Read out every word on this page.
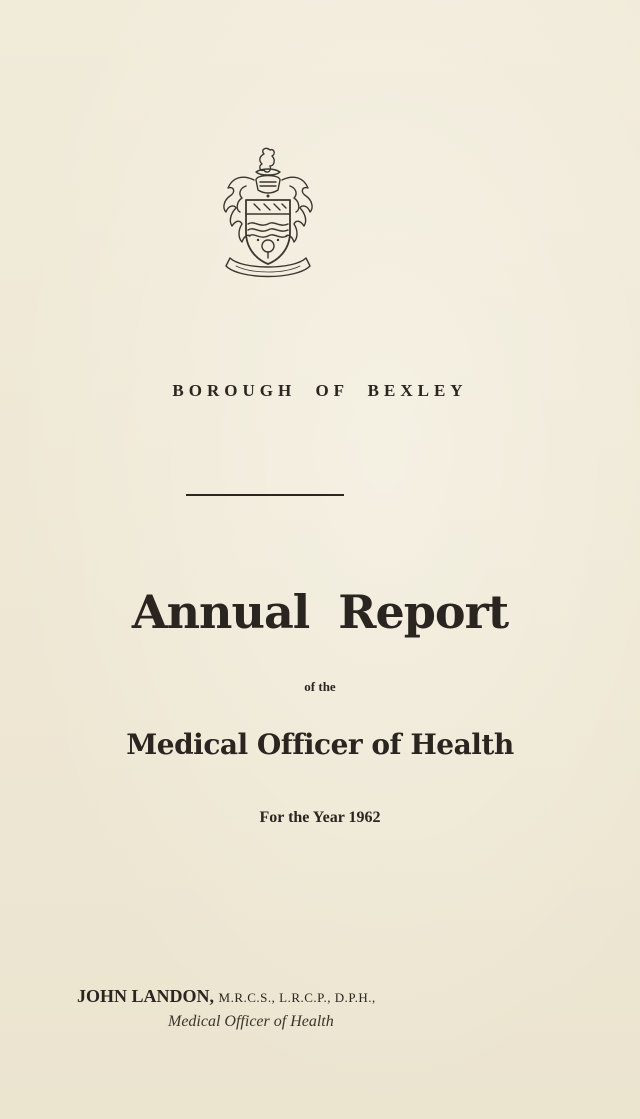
BOROUGH OF BEXLEY
Annual Report
of the
Medical Officer of Health
For the Year 1962
JOHN LANDON, M.R.C.S., L.R.C.P., D.P.H.,
Medical Officer of Health
